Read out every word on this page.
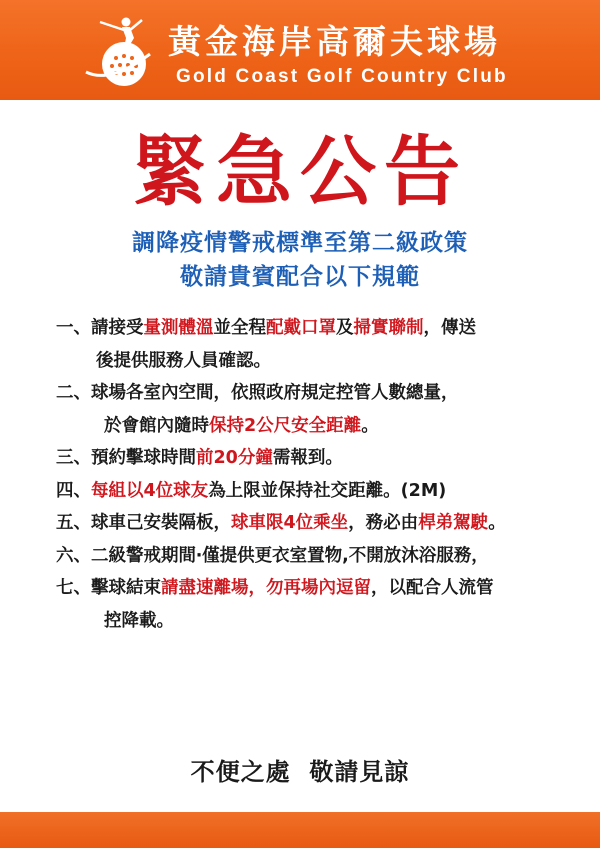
黃金海岸高爾夫球場
Gold Coast Golf Country Club
緊急公告
調降疫情警戒標準至第二級政策
敬請貴賓配合以下規範
一、請接受量測體溫並全程配戴口罩及掃實聯制，傳送
後提供服務人員確認。
二、球場各室內空間，依照政府規定控管人數總量，
於會館內隨時保持2公尺安全距離。
三、預約擊球時間前20分鐘需報到。
四、每組以4位球友為上限並保持社交距離。(2M)
五、球車己安裝隔板，球車限4位乘坐，務必由桿弟駕駛。
六、二級警戒期間‧僅提供更衣室置物,不開放沐浴服務，
七、擊球結束請盡速離場，勿再場內逗留，以配合人流管
控降載。
不便之處  敬請見諒
